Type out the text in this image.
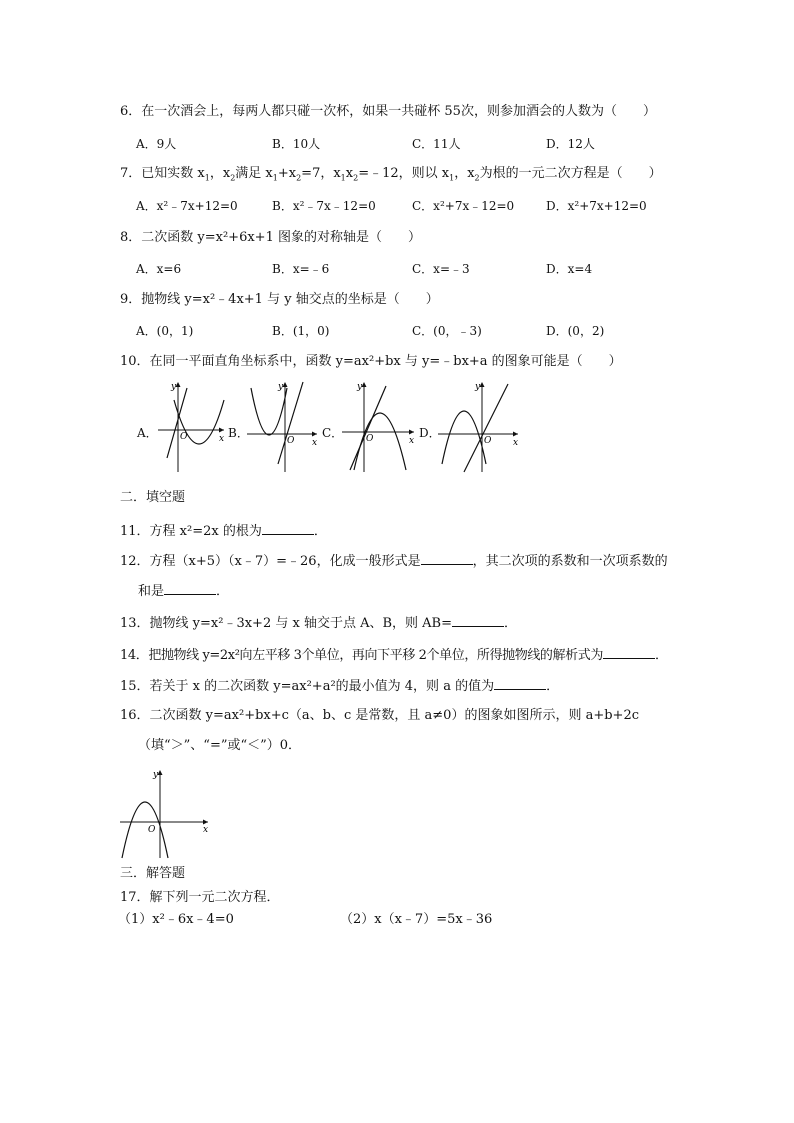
6．在一次酒会上，每两人都只碰一次杯，如果一共碰杯 55次，则参加酒会的人数为（　　）
A．9人	B．10人	C．11人	D．12人
7．已知实数 $x_1$，$x_2$满足 $x_1+x_2=7$，$x_1x_2=﹣12$，则以 $x_1$，$x_2$为根的一元二次方程是（　　）
A．x²﹣7x+12=0	B．x²﹣7x﹣12=0	C．x²+7x﹣12=0	D．x²+7x+12=0
8．二次函数 y=x²+6x+1 图象的对称轴是（　　）
A．x=6	B．x=﹣6	C．x=﹣3	D．x=4
9．抛物线 y=x²﹣4x+1 与 y 轴交点的坐标是（　　）
A．(0，1)	B．(1，0)	C．(0，﹣3)	D．(0，2)
10．在同一平面直角坐标系中，函数 y=ax²+bx 与 y=﹣bx+a 的图象可能是（　　）
A．
y
x
O	B．
y
x
O
C．
y
x
O	D．
y
x
O
二．填空题
11．方程 x²=2x 的根为	．
12．方程（x+5）（x﹣7）=﹣26，化成一般形式是	，其二次项的系数和一次项系数的
和是	．
13．抛物线 y=x²﹣3x+2 与 x 轴交于点 A、B，则 AB=	．
14．把抛物线 y=2x²向左平移 3个单位，再向下平移 2个单位，所得抛物线的解析式为	．
15．若关于 x 的二次函数 y=ax²+a²的最小值为 4，则 a 的值为	．
16．二次函数 y=ax²+bx+c（a、b、c 是常数，且 a≠0）的图象如图所示，则 a+b+2c
（填“＞”、“=”或“＜”）0．
y
x
O
三．解答题
17．解下列一元二次方程．
（1）x²﹣6x﹣4=0	（2）x（x﹣7）=5x﹣36
